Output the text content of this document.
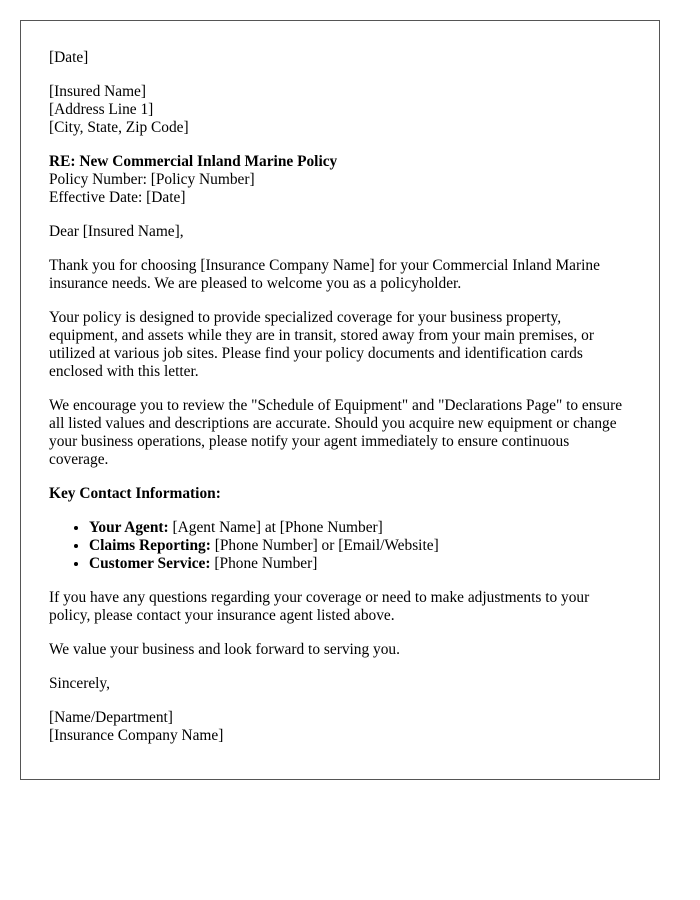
[Date]
[Insured Name]
[Address Line 1]
[City, State, Zip Code]
RE: New Commercial Inland Marine Policy
Policy Number: [Policy Number]
Effective Date: [Date]

Dear [Insured Name],

Thank you for choosing [Insurance Company Name] for your Commercial Inland Marine insurance needs. We are pleased to welcome you as a policyholder.

Your policy is designed to provide specialized coverage for your business property, equipment, and assets while they are in transit, stored away from your main premises, or utilized at various job sites. Please find your policy documents and identification cards enclosed with this letter.

We encourage you to review the "Schedule of Equipment" and "Declarations Page" to ensure all listed values and descriptions are accurate. Should you acquire new equipment or change your business operations, please notify your agent immediately to ensure continuous coverage.

Key Contact Information:

• Your Agent: [Agent Name] at [Phone Number]
• Claims Reporting: [Phone Number] or [Email/Website]
• Customer Service: [Phone Number]

If you have any questions regarding your coverage or need to make adjustments to your policy, please contact your insurance agent listed above.

We value your business and look forward to serving you.

Sincerely,

[Name/Department]
[Insurance Company Name]
